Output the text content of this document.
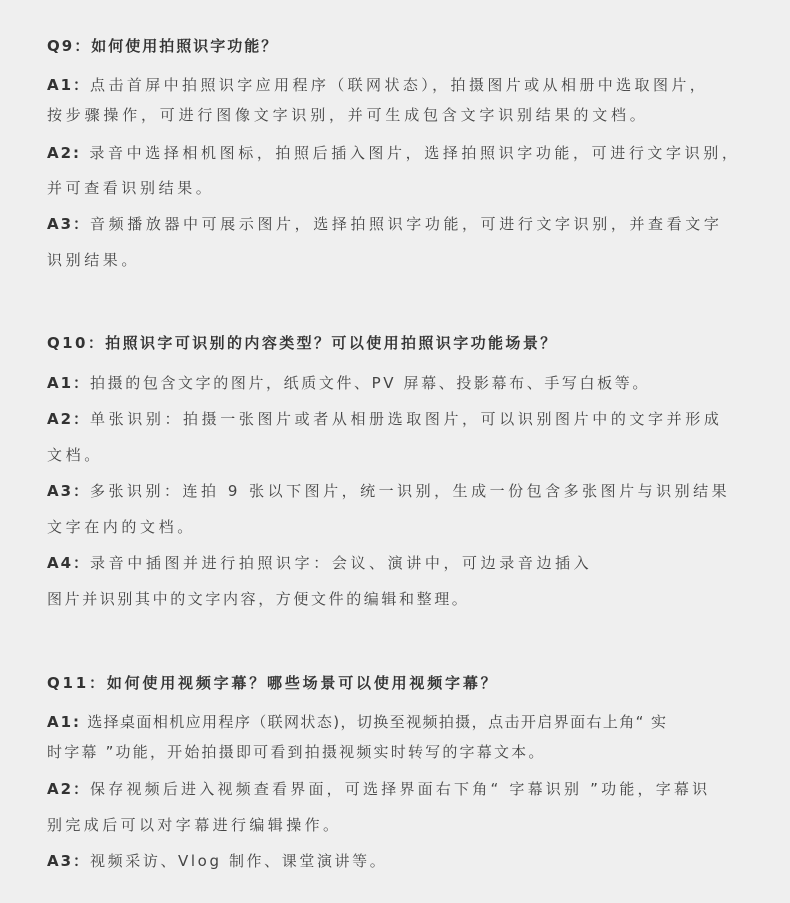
Q9：如何使用拍照识字功能？

A1：点击首屏中拍照识字应用程序（联网状态），拍摄图片或从相册中选取图片，

按步骤操作，可进行图像文字识别，并可生成包含文字识别结果的文档。

A2: 录音中选择相机图标，拍照后插入图片，选择拍照识字功能，可进行文字识别，

并可查看识别结果。

A3：音频播放器中可展示图片，选择拍照识字功能，可进行文字识别，并查看文字

识别结果。

Q10：拍照识字可识别的内容类型？可以使用拍照识字功能场景？

A1：拍摄的包含文字的图片，纸质文件、PV 屏幕、投影幕布、手写白板等。

A2：单张识别：拍摄一张图片或者从相册选取图片，可以识别图片中的文字并形成

文档。

A3：多张识别：连拍 9 张以下图片，统一识别，生成一份包含多张图片与识别结果

文字在内的文档。

A4：录音中插图并进行拍照识字：会议、演讲中，可边录音边插入

图片并识别其中的文字内容，方便文件的编辑和整理。

Q11：如何使用视频字幕？哪些场景可以使用视频字幕？

A1: 选择桌面相机应用程序（联网状态)，切换至视频拍摄，点击开启界面右上角“ 实

时字幕 ”功能，开始拍摄即可看到拍摄视频实时转写的字幕文本。

A2：保存视频后进入视频查看界面，可选择界面右下角“ 字幕识别 ”功能，字幕识

别完成后可以对字幕进行编辑操作。

A3：视频采访、Vlog 制作、课堂演讲等。
